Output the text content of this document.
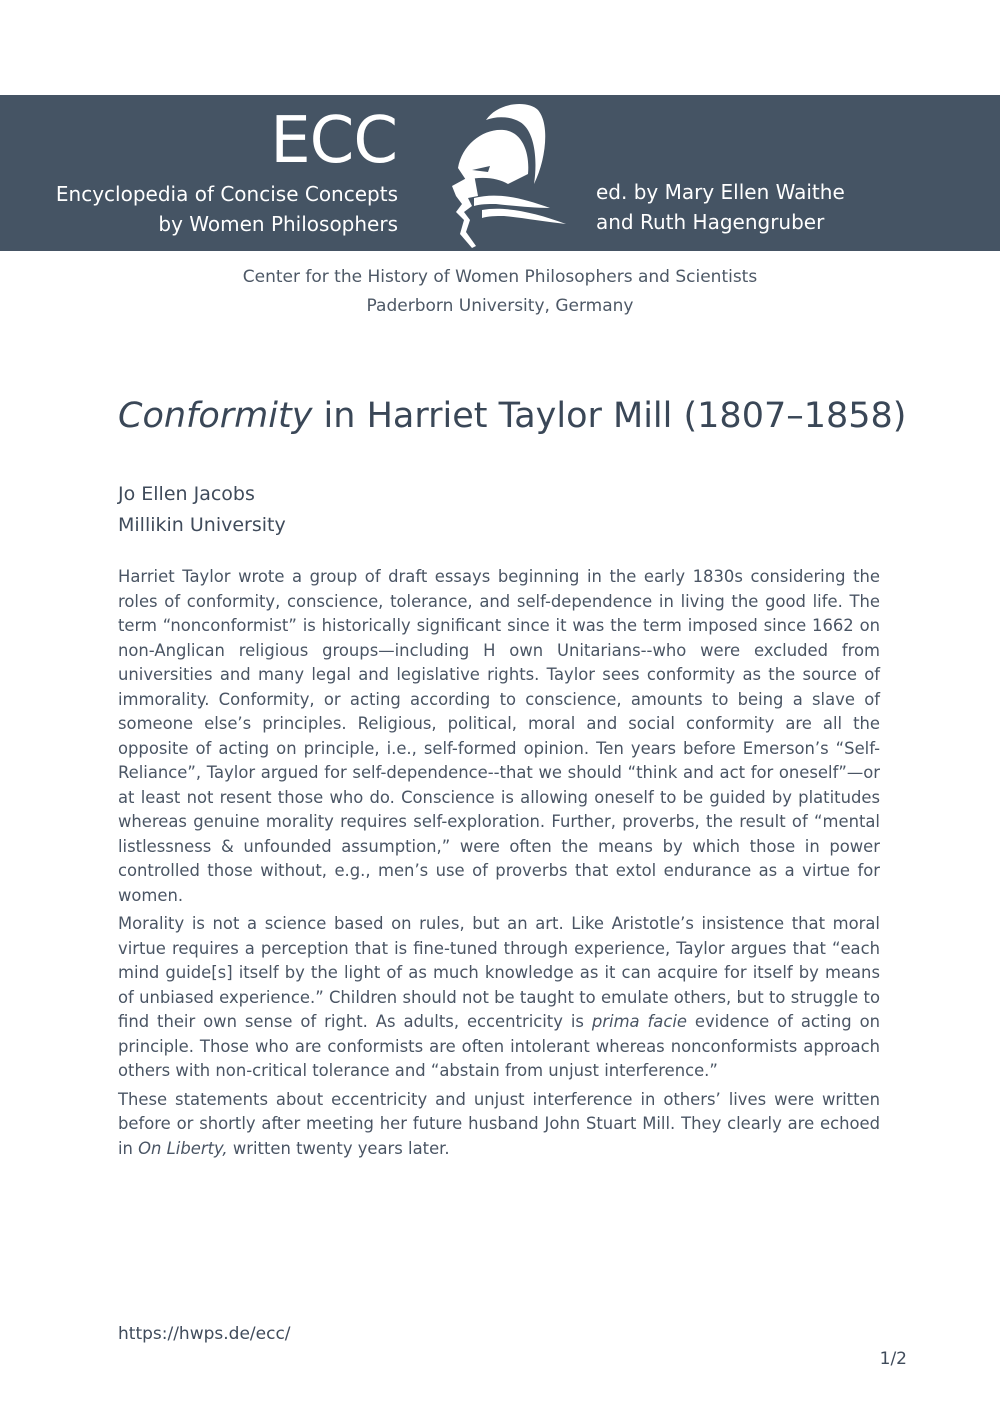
ECC
Encyclopedia of Concise Concepts
by Women Philosophers
ed. by Mary Ellen Waithe
and Ruth Hagengruber
Center for the History of Women Philosophers and Scientists
Paderborn University, Germany
Conformity in Harriet Taylor Mill (1807–1858)
Jo Ellen Jacobs
Millikin University

Harriet Taylor wrote a group of draft essays beginning in the early 1830s considering the roles of conformity, conscience, tolerance, and self-dependence in living the good life. The term “nonconformist” is historically significant since it was the term imposed since 1662 on non-Anglican religious groups—including H own Unitarians--who were excluded from universities and many legal and legislative rights. Taylor sees conformity as the source of immorality. Conformity, or acting according to conscience, amounts to being a slave of someone else’s principles. Religious, political, moral and social conformity are all the opposite of acting on principle, i.e., self-formed opinion. Ten years before Emerson’s “Self-Reliance”, Taylor argued for self-dependence--that we should “think and act for oneself”—or at least not resent those who do. Conscience is allowing oneself to be guided by platitudes whereas genuine morality requires self-exploration. Further, proverbs, the result of “mental listlessness & unfounded assumption,” were often the means by which those in power controlled those without, e.g., men’s use of proverbs that extol endurance as a virtue for women.

Morality is not a science based on rules, but an art. Like Aristotle’s insistence that moral virtue requires a perception that is fine-tuned through experience, Taylor argues that “each mind guide[s] itself by the light of as much knowledge as it can acquire for itself by means of unbiased experience.” Children should not be taught to emulate others, but to struggle to find their own sense of right. As adults, eccentricity is prima facie evidence of acting on principle. Those who are conformists are often intolerant whereas nonconformists approach others with non-critical tolerance and “abstain from unjust interference.”

These statements about eccentricity and unjust interference in others’ lives were written before or shortly after meeting her future husband John Stuart Mill. They clearly are echoed in On Liberty, written twenty years later.

https://hwps.de/ecc/
1/2
